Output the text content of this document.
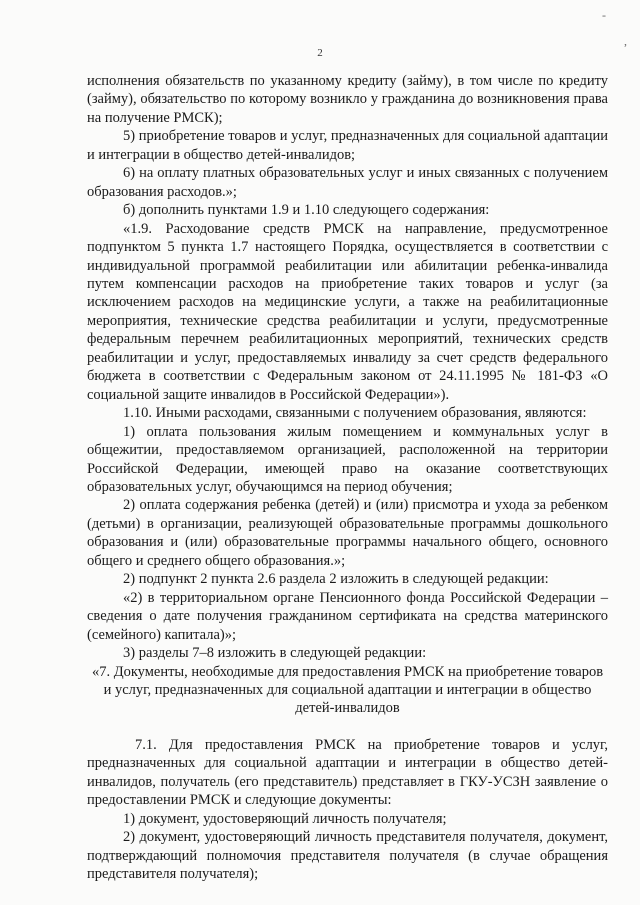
2
-
,

исполнения обязательств по указанному кредиту (займу), в том числе по кредиту (займу), обязательство по которому возникло у гражданина до возникновения права на получение РМСК);

5) приобретение товаров и услуг, предназначенных для социальной адаптации и интеграции в общество детей-инвалидов;

6) на оплату платных образовательных услуг и иных связанных с получением образования расходов.»;

б) дополнить пунктами 1.9 и 1.10 следующего содержания:

«1.9. Расходование средств РМСК на направление, предусмотренное подпунктом 5 пункта 1.7 настоящего Порядка, осуществляется в соответствии с индивидуальной программой реабилитации или абилитации ребенка-инвалида путем компенсации расходов на приобретение таких товаров и услуг (за исключением расходов на медицинские услуги, а также на реабилитационные мероприятия, технические средства реабилитации и услуги, предусмотренные федеральным перечнем реабилитационных мероприятий, технических средств реабилитации и услуг, предоставляемых инвалиду за счет средств федерального бюджета в соответствии с Федеральным законом от 24.11.1995 № 181-ФЗ «О социальной защите инвалидов в Российской Федерации»).

1.10. Иными расходами, связанными с получением образования, являются:

1) оплата пользования жилым помещением и коммунальных услуг в общежитии, предоставляемом организацией, расположенной на территории Российской Федерации, имеющей право на оказание соответствующих образовательных услуг, обучающимся на период обучения;

2) оплата содержания ребенка (детей) и (или) присмотра и ухода за ребенком (детьми) в организации, реализующей образовательные программы дошкольного образования и (или) образовательные программы начального общего, основного общего и среднего общего образования.»;

2) подпункт 2 пункта 2.6 раздела 2 изложить в следующей редакции:

«2) в территориальном органе Пенсионного фонда Российской Федерации – сведения о дате получения гражданином сертификата на средства материнского (семейного) капитала)»;

3) разделы 7–8 изложить в следующей редакции:

«7. Документы, необходимые для предоставления РМСК на приобретение товаров и услуг, предназначенных для социальной адаптации и интеграции в общество детей-инвалидов

7.1. Для предоставления РМСК на приобретение товаров и услуг, предназначенных для социальной адаптации и интеграции в общество детей-инвалидов, получатель (его представитель) представляет в ГКУ-УСЗН заявление о предоставлении РМСК и следующие документы:

1) документ, удостоверяющий личность получателя;

2) документ, удостоверяющий личность представителя получателя, документ, подтверждающий полномочия представителя получателя (в случае обращения представителя получателя);
